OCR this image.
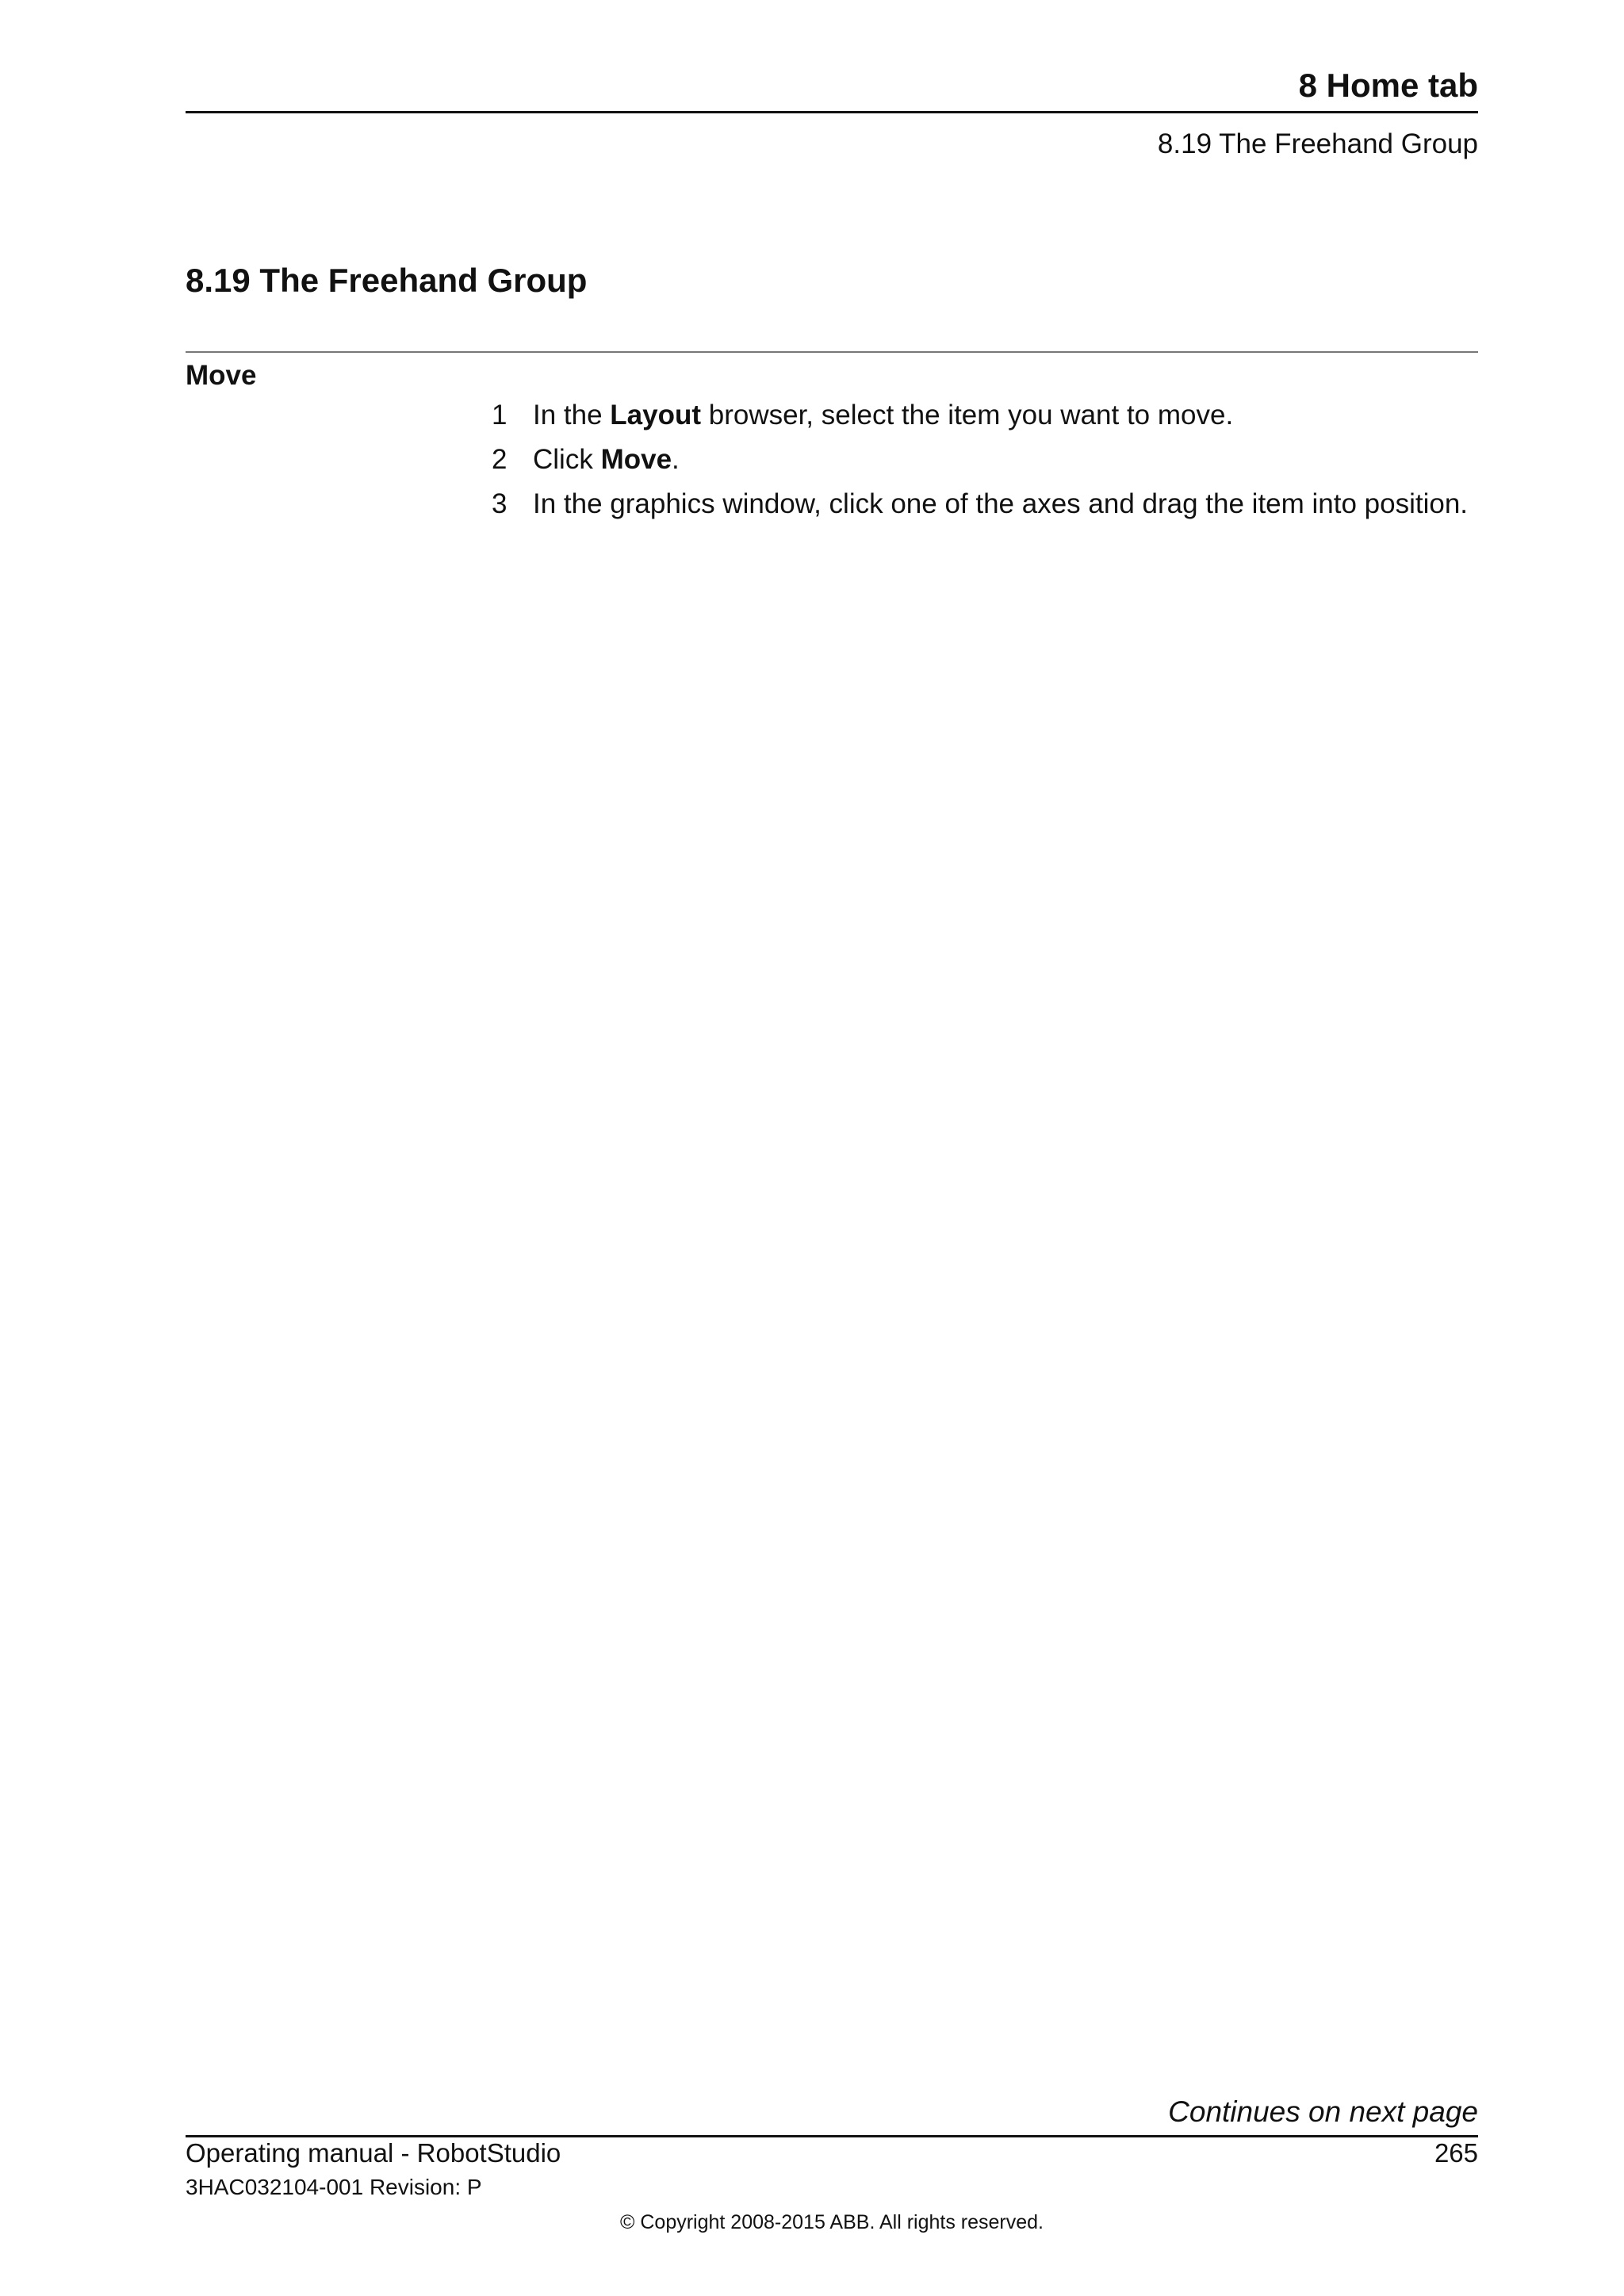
8 Home tab
8.19 The Freehand Group
8.19 The Freehand Group
Move
1 In the Layout browser, select the item you want to move.
2 Click Move.
3 In the graphics window, click one of the axes and drag the item into position.
Continues on next page
Operating manual - RobotStudio	265
3HAC032104-001 Revision: P
© Copyright 2008-2015 ABB. All rights reserved.
